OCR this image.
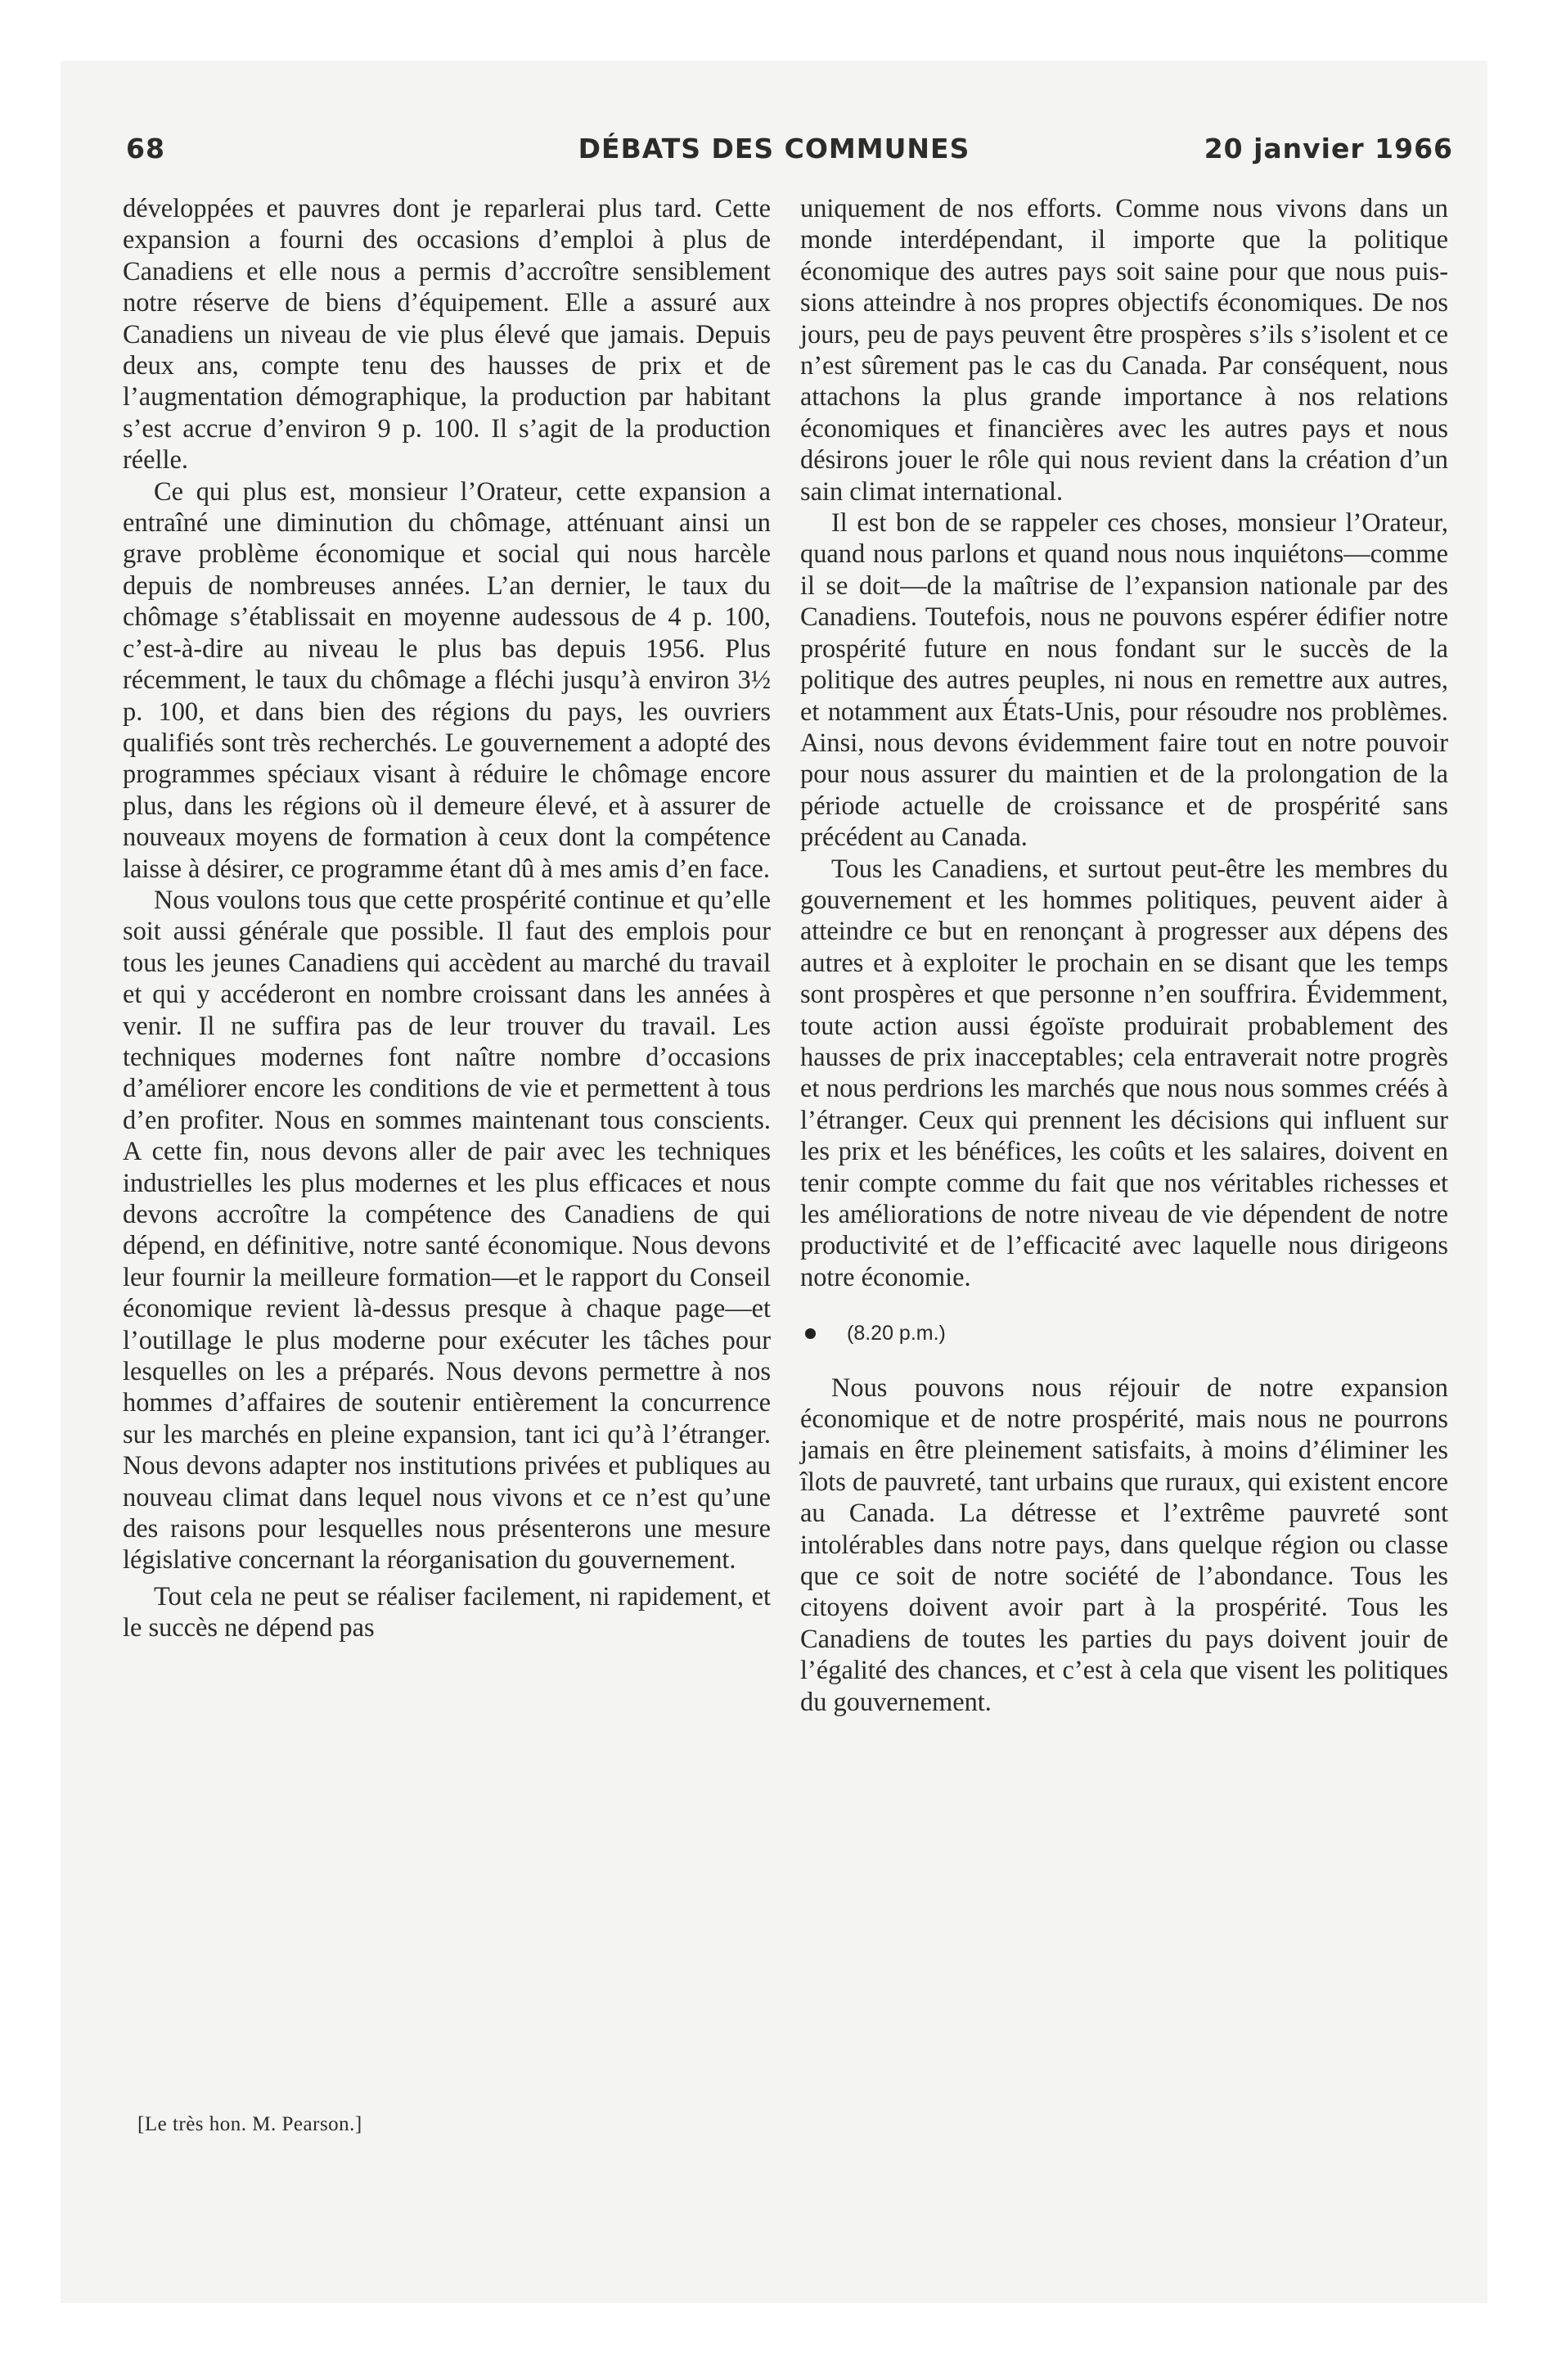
68	DÉBATS DES COMMUNES	20 janvier 1966

développées et pauvres dont je reparlerai plus tard. Cette expansion a fourni des occasions d’emploi à plus de Canadiens et elle nous a permis d’accroître sensiblement notre réserve de biens d’équipement. Elle a assuré aux Canadiens un niveau de vie plus élevé que jamais. Depuis deux ans, compte tenu des hausses de prix et de l’augmentation démographique, la production par habitant s’est accrue d’environ 9 p. 100. Il s’agit de la production réelle.

Ce qui plus est, monsieur l’Orateur, cette expansion a entraîné une diminution du chômage, atténuant ainsi un grave problème économique et social qui nous harcèle depuis de nombreuses années. L’an dernier, le taux du chômage s’établissait en moyenne audessous de 4 p. 100, c’est-à-dire au niveau le plus bas depuis 1956. Plus récemment, le taux du chômage a fléchi jusqu’à environ 3½ p. 100, et dans bien des régions du pays, les ouvriers qualifiés sont très recherchés. Le gouvernement a adopté des programmes spéciaux visant à réduire le chômage encore plus, dans les régions où il demeure élevé, et à assurer de nouveaux moyens de formation à ceux dont la compétence laisse à désirer, ce programme étant dû à mes amis d’en face.

Nous voulons tous que cette prospérité continue et qu’elle soit aussi générale que possible. Il faut des emplois pour tous les jeunes Canadiens qui accèdent au marché du travail et qui y accéderont en nombre croissant dans les années à venir. Il ne suffira pas de leur trouver du travail. Les techniques modernes font naître nombre d’occasions d’améliorer encore les conditions de vie et permettent à tous d’en profiter. Nous en sommes maintenant tous conscients. A cette fin, nous devons aller de pair avec les techniques industrielles les plus modernes et les plus efficaces et nous devons accroître la compétence des Canadiens de qui dépend, en définitive, notre santé économique. Nous devons leur fournir la meilleure formation—et le rapport du Conseil économique revient là-dessus presque à chaque page—et l’outillage le plus moderne pour exécuter les tâches pour lesquelles on les a préparés. Nous devons permettre à nos hommes d’affaires de soutenir entièrement la concurrence sur les marchés en pleine expansion, tant ici qu’à l’étranger. Nous devons adapter nos institutions privées et publiques au nouveau climat dans lequel nous vivons et ce n’est qu’une des raisons pour lesquelles nous présenterons une mesure législative concernant la réorganisation du gouvernement.

Tout cela ne peut se réaliser facilement, ni rapidement, et le succès ne dépend pas

[Le très hon. M. Pearson.]

uniquement de nos efforts. Comme nous vivons dans un monde interdépendant, il importe que la politique économique des autres pays soit saine pour que nous puissions atteindre à nos propres objectifs économiques. De nos jours, peu de pays peuvent être prospères s’ils s’isolent et ce n’est sûrement pas le cas du Canada. Par conséquent, nous attachons la plus grande importance à nos relations économiques et financières avec les autres pays et nous désirons jouer le rôle qui nous revient dans la création d’un sain climat international.

Il est bon de se rappeler ces choses, monsieur l’Orateur, quand nous parlons et quand nous nous inquiétons—comme il se doit—de la maîtrise de l’expansion nationale par des Canadiens. Toutefois, nous ne pouvons espérer édifier notre prospérité future en nous fondant sur le succès de la politique des autres peuples, ni nous en remettre aux autres, et notamment aux États-Unis, pour résoudre nos problèmes. Ainsi, nous devons évidemment faire tout en notre pouvoir pour nous assurer du maintien et de la prolongation de la période actuelle de croissance et de prospérité sans précédent au Canada.

Tous les Canadiens, et surtout peut-être les membres du gouvernement et les hommes politiques, peuvent aider à atteindre ce but en renonçant à progresser aux dépens des autres et à exploiter le prochain en se disant que les temps sont prospères et que personne n’en souffrira. Évidemment, toute action aussi égoïste produirait probablement des hausses de prix inacceptables; cela entraverait notre progrès et nous perdrions les marchés que nous nous sommes créés à l’étranger. Ceux qui prennent les décisions qui influent sur les prix et les bénéfices, les coûts et les salaires, doivent en tenir compte comme du fait que nos véritables richesses et les améliorations de notre niveau de vie dépendent de notre productivité et de l’efficacité avec laquelle nous dirigeons notre économie.

(8.20 p.m.)

Nous pouvons nous réjouir de notre expansion économique et de notre prospérité, mais nous ne pourrons jamais en être pleinement satisfaits, à moins d’éliminer les îlots de pauvreté, tant urbains que ruraux, qui existent encore au Canada. La détresse et l’extrême pauvreté sont intolérables dans notre pays, dans quelque région ou classe que ce soit de notre société de l’abondance. Tous les citoyens doivent avoir part à la prospérité. Tous les Canadiens de toutes les parties du pays doivent jouir de l’égalité des chances, et c’est à cela que visent les politiques du gouvernement.
